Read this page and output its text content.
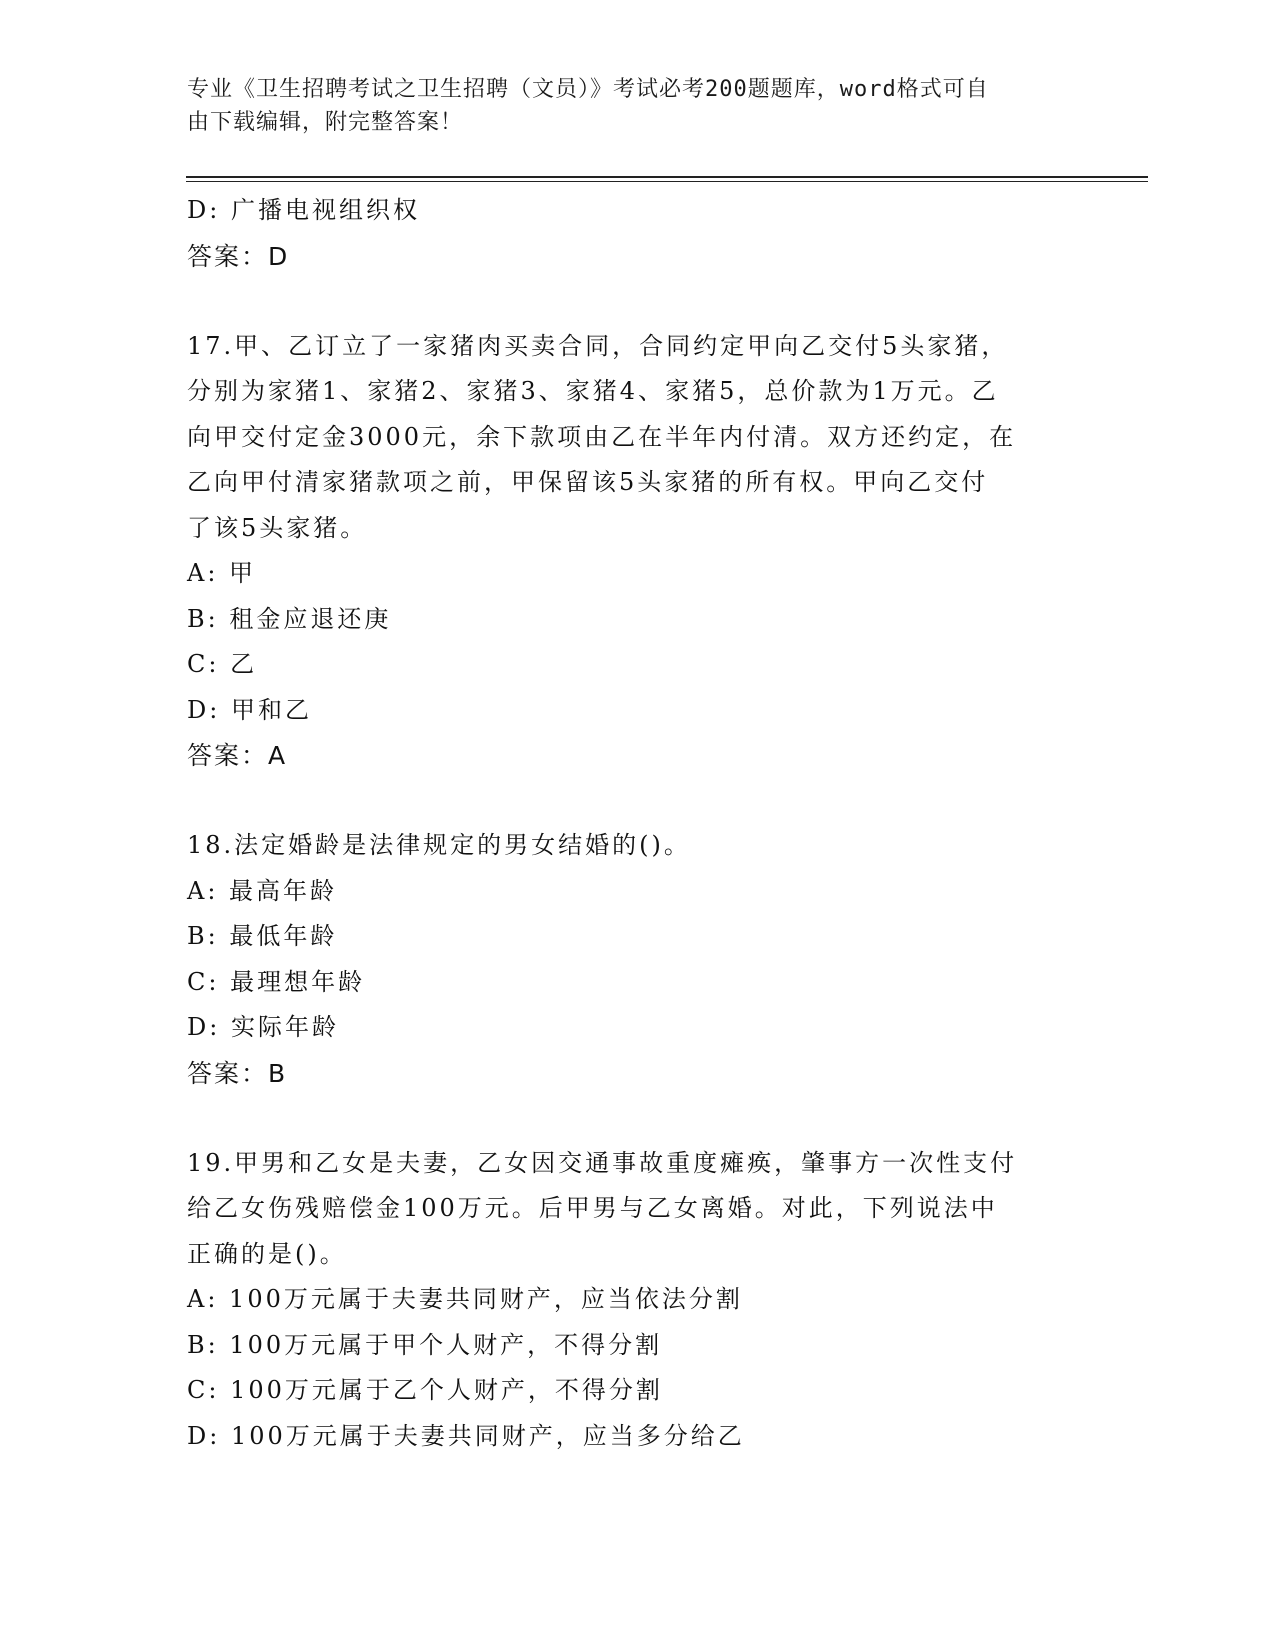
专业《卫生招聘考试之卫生招聘（文员）》考试必考200题题库，word格式可自
由下载编辑，附完整答案！
D: 广播电视组织权
答案：D
17.甲、乙订立了一家猪肉买卖合同，合同约定甲向乙交付5头家猪，
分别为家猪1、家猪2、家猪3、家猪4、家猪5，总价款为1万元。乙
向甲交付定金3000元，余下款项由乙在半年内付清。双方还约定，在
乙向甲付清家猪款项之前，甲保留该5头家猪的所有权。甲向乙交付
了该5头家猪。
A: 甲
B: 租金应退还庚
C: 乙
D: 甲和乙
答案：A
18.法定婚龄是法律规定的男女结婚的()。
A: 最高年龄
B: 最低年龄
C: 最理想年龄
D: 实际年龄
答案：B
19.甲男和乙女是夫妻，乙女因交通事故重度瘫痪，肇事方一次性支付
给乙女伤残赔偿金100万元。后甲男与乙女离婚。对此，下列说法中
正确的是()。
A: 100万元属于夫妻共同财产，应当依法分割
B: 100万元属于甲个人财产，不得分割
C: 100万元属于乙个人财产，不得分割
D: 100万元属于夫妻共同财产，应当多分给乙
